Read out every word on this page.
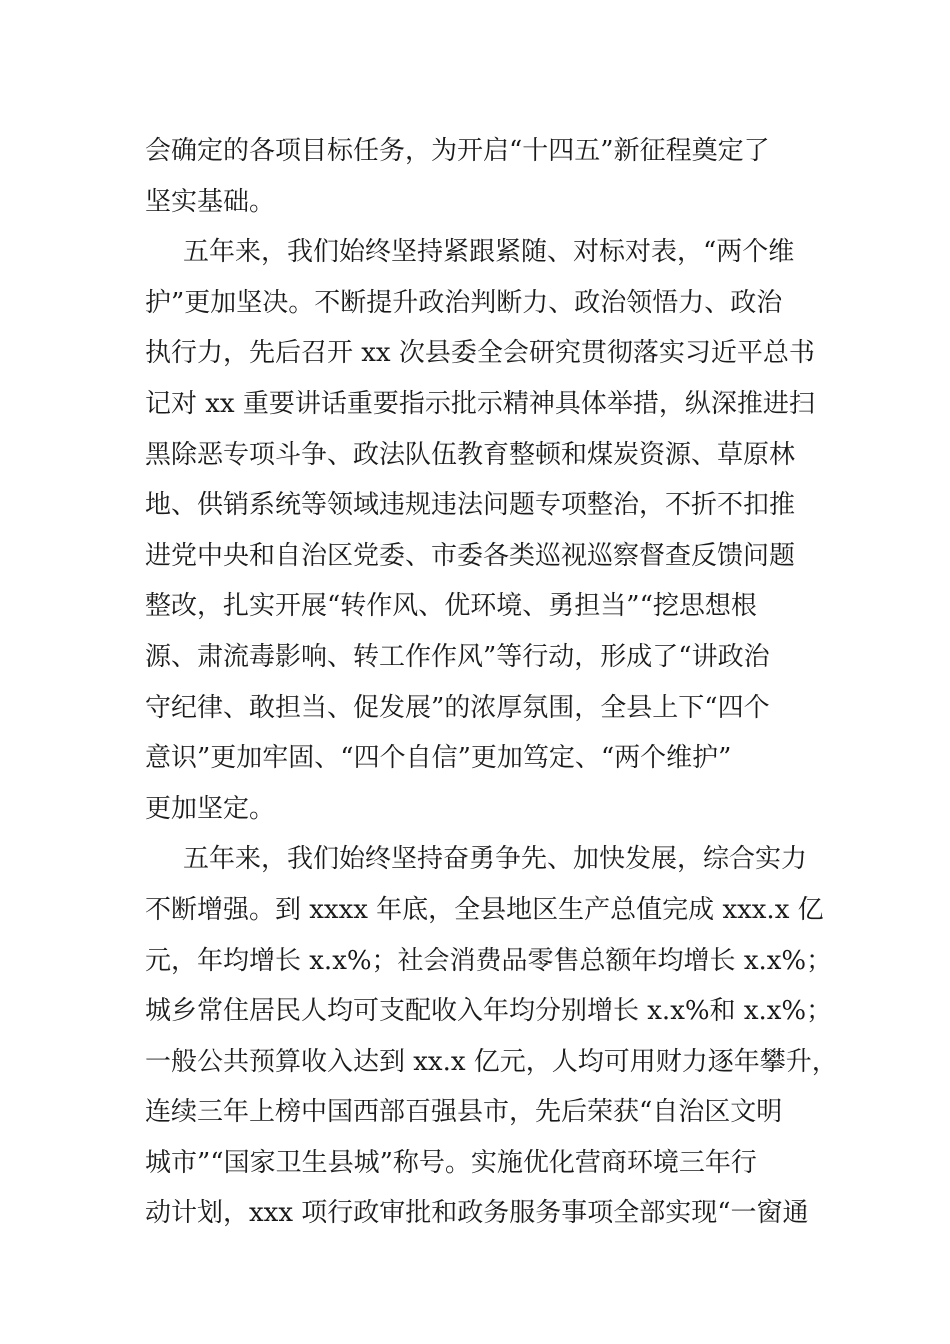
会确定的各项目标任务，为开启“十四五”新征程奠定了
坚实基础。
五年来，我们始终坚持紧跟紧随、对标对表，“两个维
护”更加坚决。不断提升政治判断力、政治领悟力、政治
执行力，先后召开 xx 次县委全会研究贯彻落实习近平总书
记对 xx 重要讲话重要指示批示精神具体举措，纵深推进扫
黑除恶专项斗争、政法队伍教育整顿和煤炭资源、草原林
地、供销系统等领域违规违法问题专项整治，不折不扣推
进党中央和自治区党委、市委各类巡视巡察督查反馈问题
整改，扎实开展“转作风、优环境、勇担当”“挖思想根
源、肃流毒影响、转工作作风”等行动，形成了“讲政治
守纪律、敢担当、促发展”的浓厚氛围，全县上下“四个
意识”更加牢固、“四个自信”更加笃定、“两个维护”
更加坚定。
五年来，我们始终坚持奋勇争先、加快发展，综合实力
不断增强。到 xxxx 年底，全县地区生产总值完成 xxx.x 亿
元，年均增长 x.x%；社会消费品零售总额年均增长 x.x%；
城乡常住居民人均可支配收入年均分别增长 x.x%和 x.x%；
一般公共预算收入达到 xx.x 亿元，人均可用财力逐年攀升，
连续三年上榜中国西部百强县市，先后荣获“自治区文明
城市”“国家卫生县城”称号。实施优化营商环境三年行
动计划，xxx 项行政审批和政务服务事项全部实现“一窗通
